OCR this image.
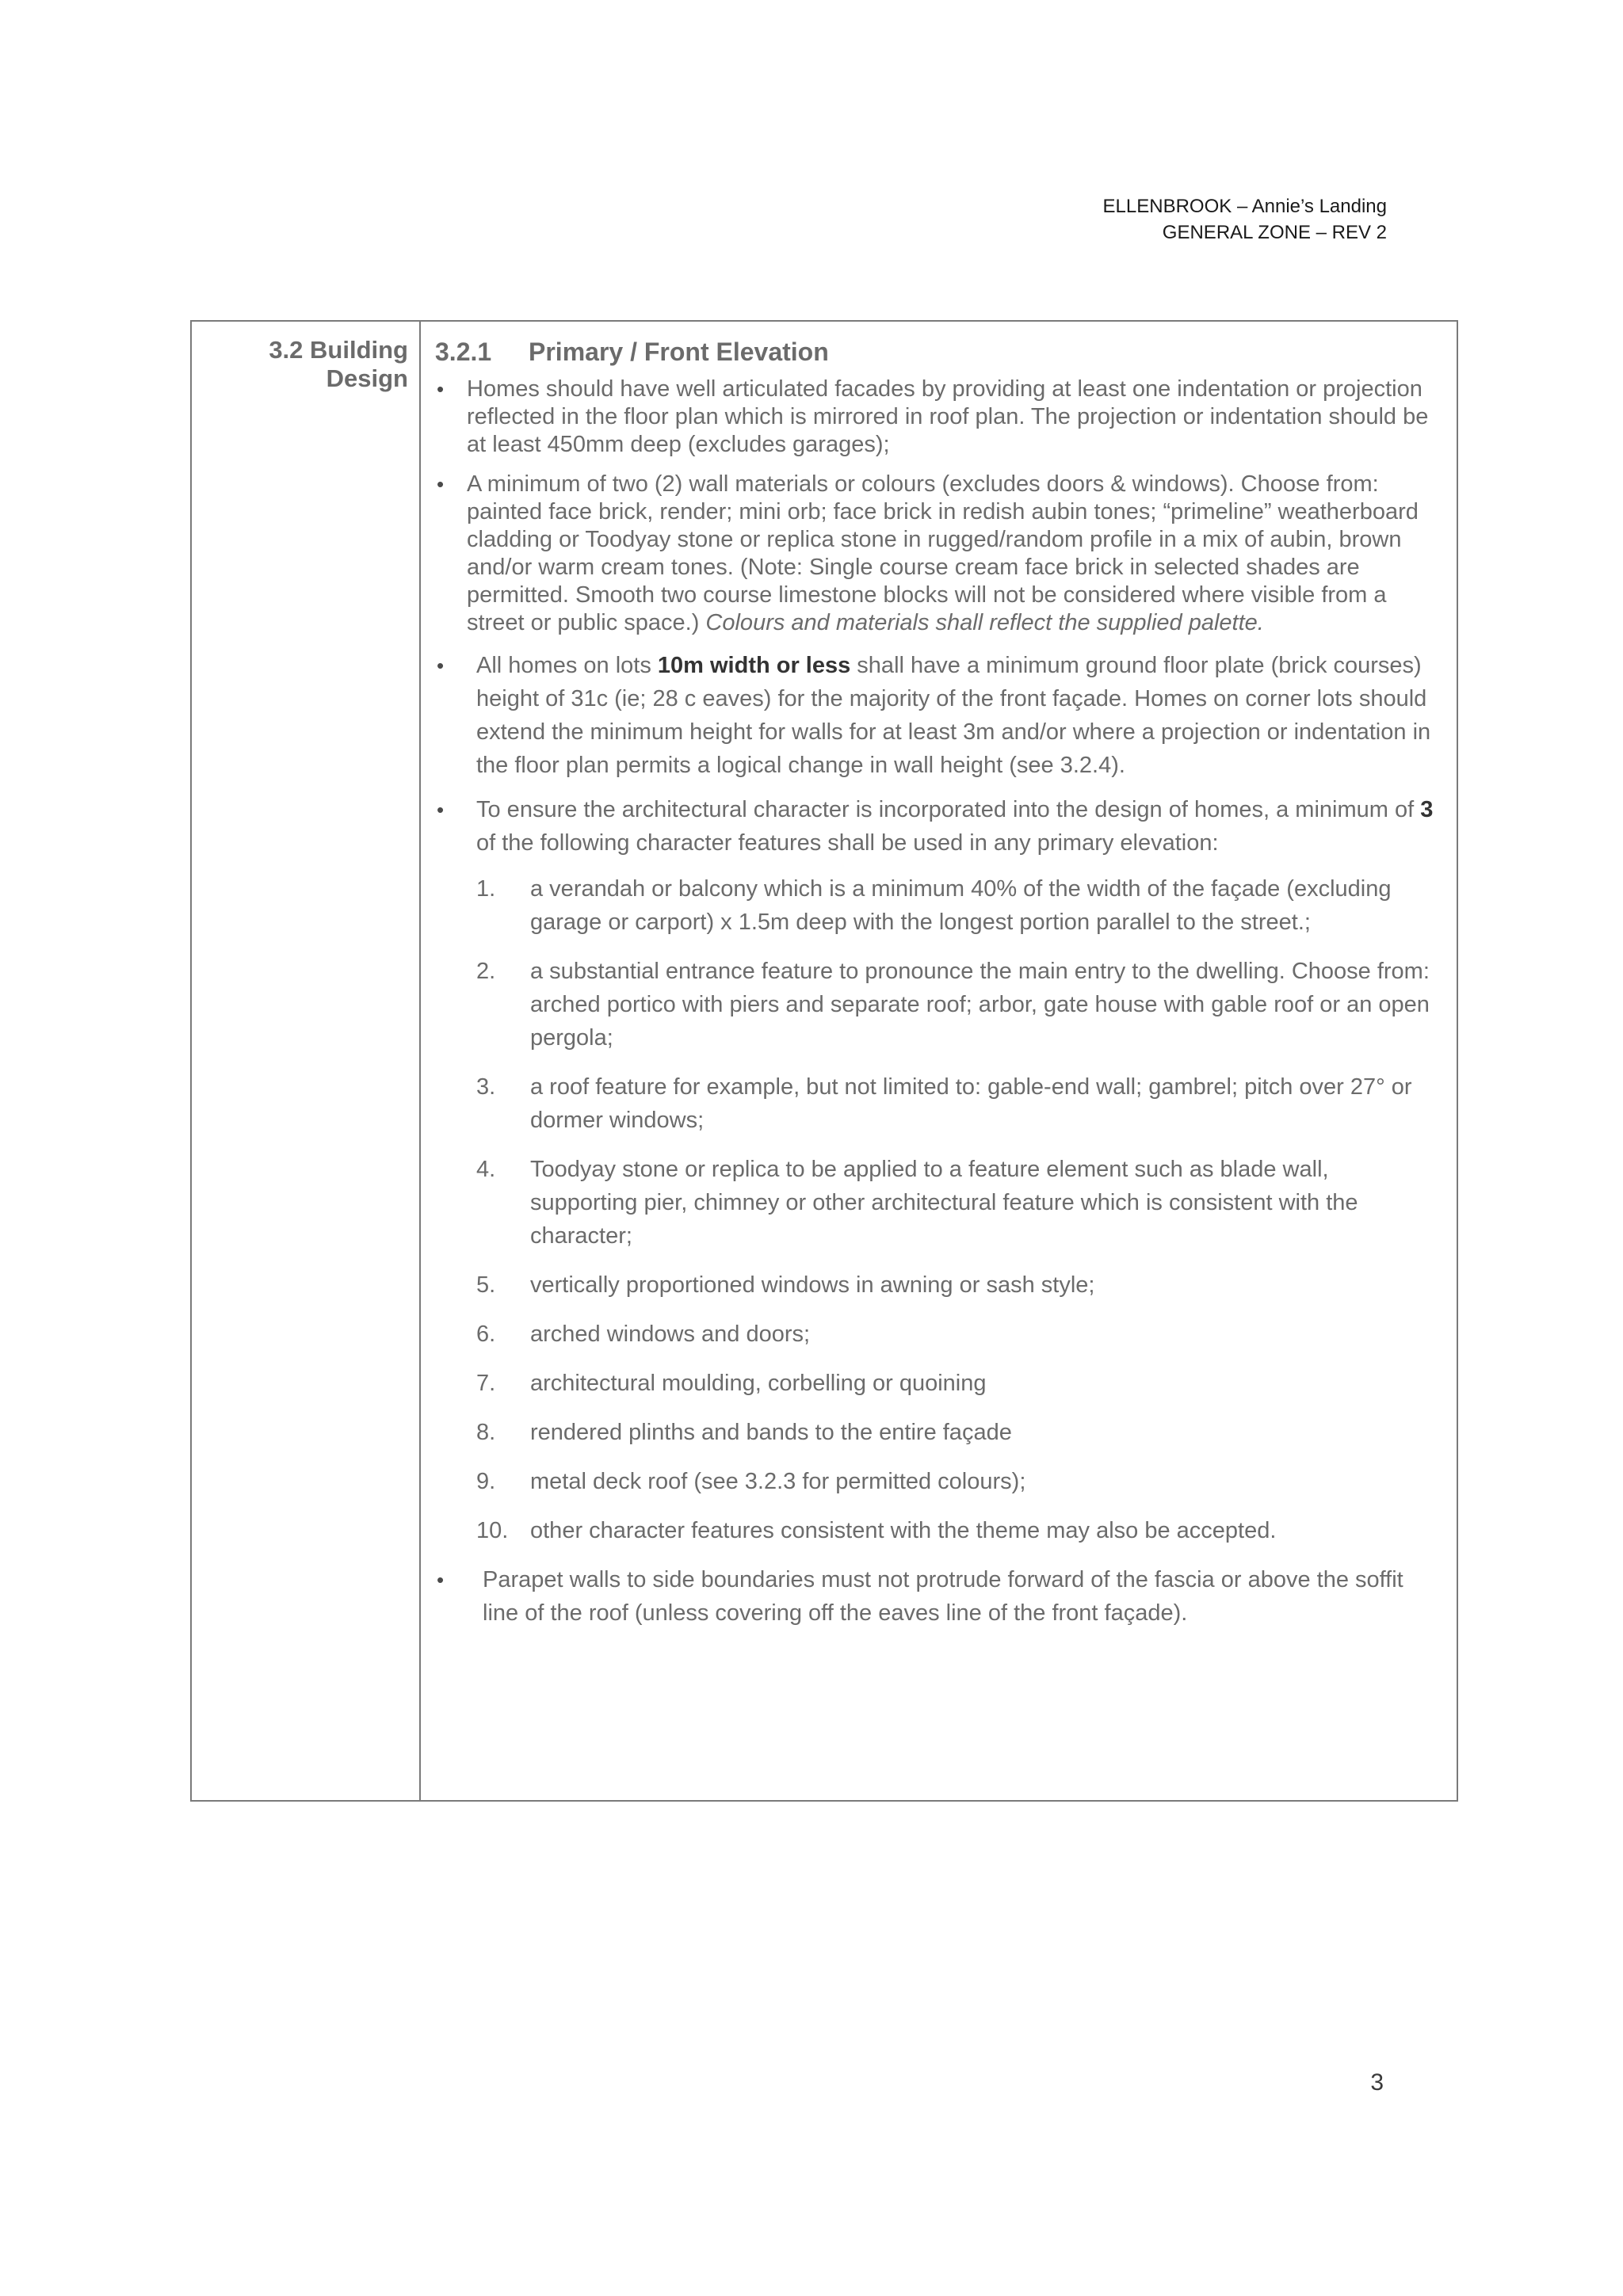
ELLENBROOK – Annie’s Landing
GENERAL ZONE – REV 2
3.2 Building Design
3.2.1	Primary / Front Elevation
• Homes should have well articulated facades by providing at least one indentation or projection reflected in the floor plan which is mirrored in roof plan. The projection or indentation should be at least 450mm deep (excludes garages);
• A minimum of two (2) wall materials or colours (excludes doors & windows). Choose from: painted face brick, render; mini orb; face brick in redish aubin tones; “primeline” weatherboard cladding or Toodyay stone or replica stone in rugged/random profile in a mix of aubin, brown and/or warm cream tones. (Note: Single course cream face brick in selected shades are permitted. Smooth two course limestone blocks will not be considered where visible from a street or public space.) Colours and materials shall reflect the supplied palette.
• All homes on lots 10m width or less shall have a minimum ground floor plate (brick courses) height of 31c (ie; 28 c eaves) for the majority of the front façade. Homes on corner lots should extend the minimum height for walls for at least 3m and/or where a projection or indentation in the floor plan permits a logical change in wall height (see 3.2.4).
• To ensure the architectural character is incorporated into the design of homes, a minimum of 3 of the following character features shall be used in any primary elevation:
1.	a verandah or balcony which is a minimum 40% of the width of the façade (excluding garage or carport) x 1.5m deep with the longest portion parallel to the street.;
2.	a substantial entrance feature to pronounce the main entry to the dwelling. Choose from: arched portico with piers and separate roof; arbor, gate house with gable roof or an open pergola;
3.	a roof feature for example, but not limited to: gable-end wall; gambrel; pitch over 27° or dormer windows;
4.	Toodyay stone or replica to be applied to a feature element such as blade wall, supporting pier, chimney or other architectural feature which is consistent with the character;
5.	vertically proportioned windows in awning or sash style;
6.	arched windows and doors;
7.	architectural moulding, corbelling or quoining
8.	rendered plinths and bands to the entire façade
9.	metal deck roof (see 3.2.3 for permitted colours);
10. other character features consistent with the theme may also be accepted.
• Parapet walls to side boundaries must not protrude forward of the fascia or above the soffit line of the roof (unless covering off the eaves line of the front façade).
3
